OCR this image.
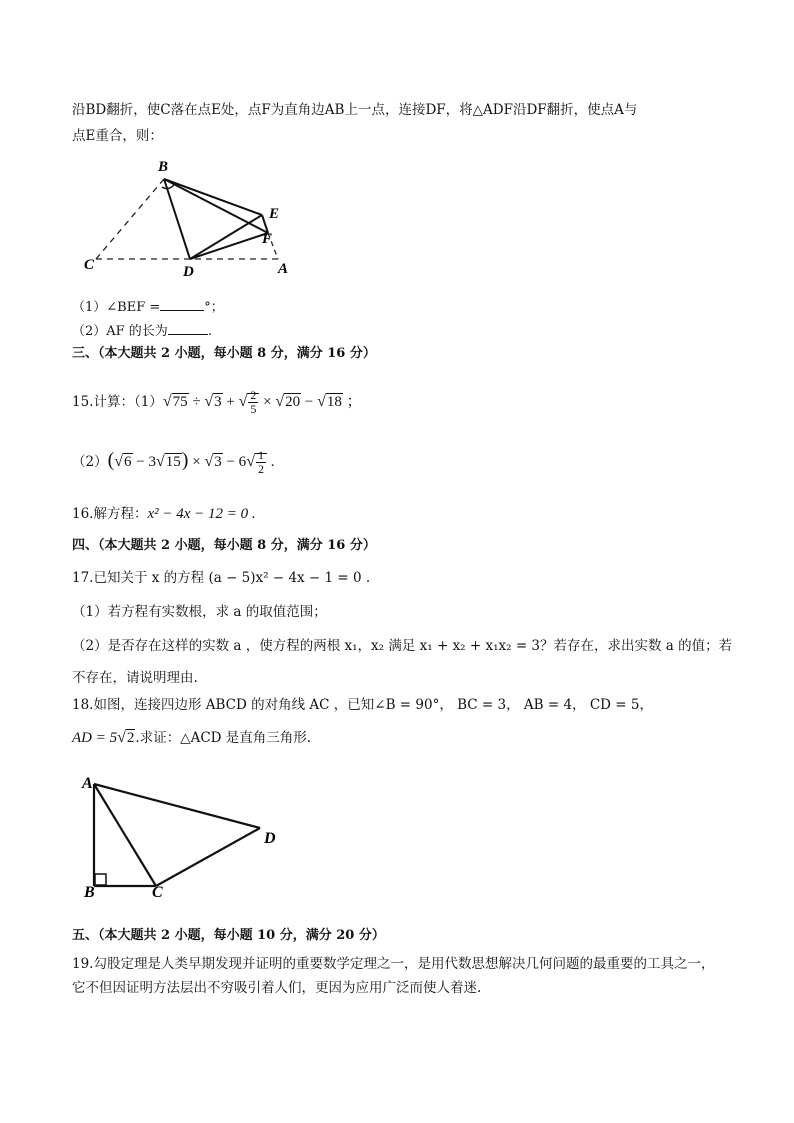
沿BD翻折，使C落在点E处，点F为直角边AB上一点，连接DF，将△ADF沿DF翻折，使点A与
点E重合，则：
B
E
F
C	D	A
（1）∠BEF =	°；
（2）AF 的长为	.
三、（本大题共 2 小题，每小题 8 分，满分 16 分）
15.计算：（1）√75 ÷ √3 + √ $\frac{2}{5} \times √20 - √18$ ；
$(2)(√6 - 3√15) \times √3 - 6√ \frac{1}{2}$ .
16.解方程：x² − 4x − 12 = 0 .
四、（本大题共 2 小题，每小题 8 分，满分 16 分）
17.已知关于 x 的方程 (a − 5)x² − 4x − 1 = 0 .
（1）若方程有实数根，求 a 的取值范围；
（2）是否存在这样的实数 a ，使方程的两根 x₁，x₂ 满足 x₁ + x₂ + x₁x₂ = 3？若存在，求出实数 a 的值；若
不存在，请说明理由.
18.如图，连接四边形 ABCD 的对角线 AC ，已知∠B = 90°， BC = 3， AB = 4， CD = 5，
AD = 5√2.求证：△ACD 是直角三角形.
A
B	C
D
五、（本大题共 2 小题，每小题 10 分，满分 20 分）
19.勾股定理是人类早期发现并证明的重要数学定理之一，是用代数思想解决几何问题的最重要的工具之一，
它不但因证明方法层出不穷吸引着人们，更因为应用广泛而使人着迷.
